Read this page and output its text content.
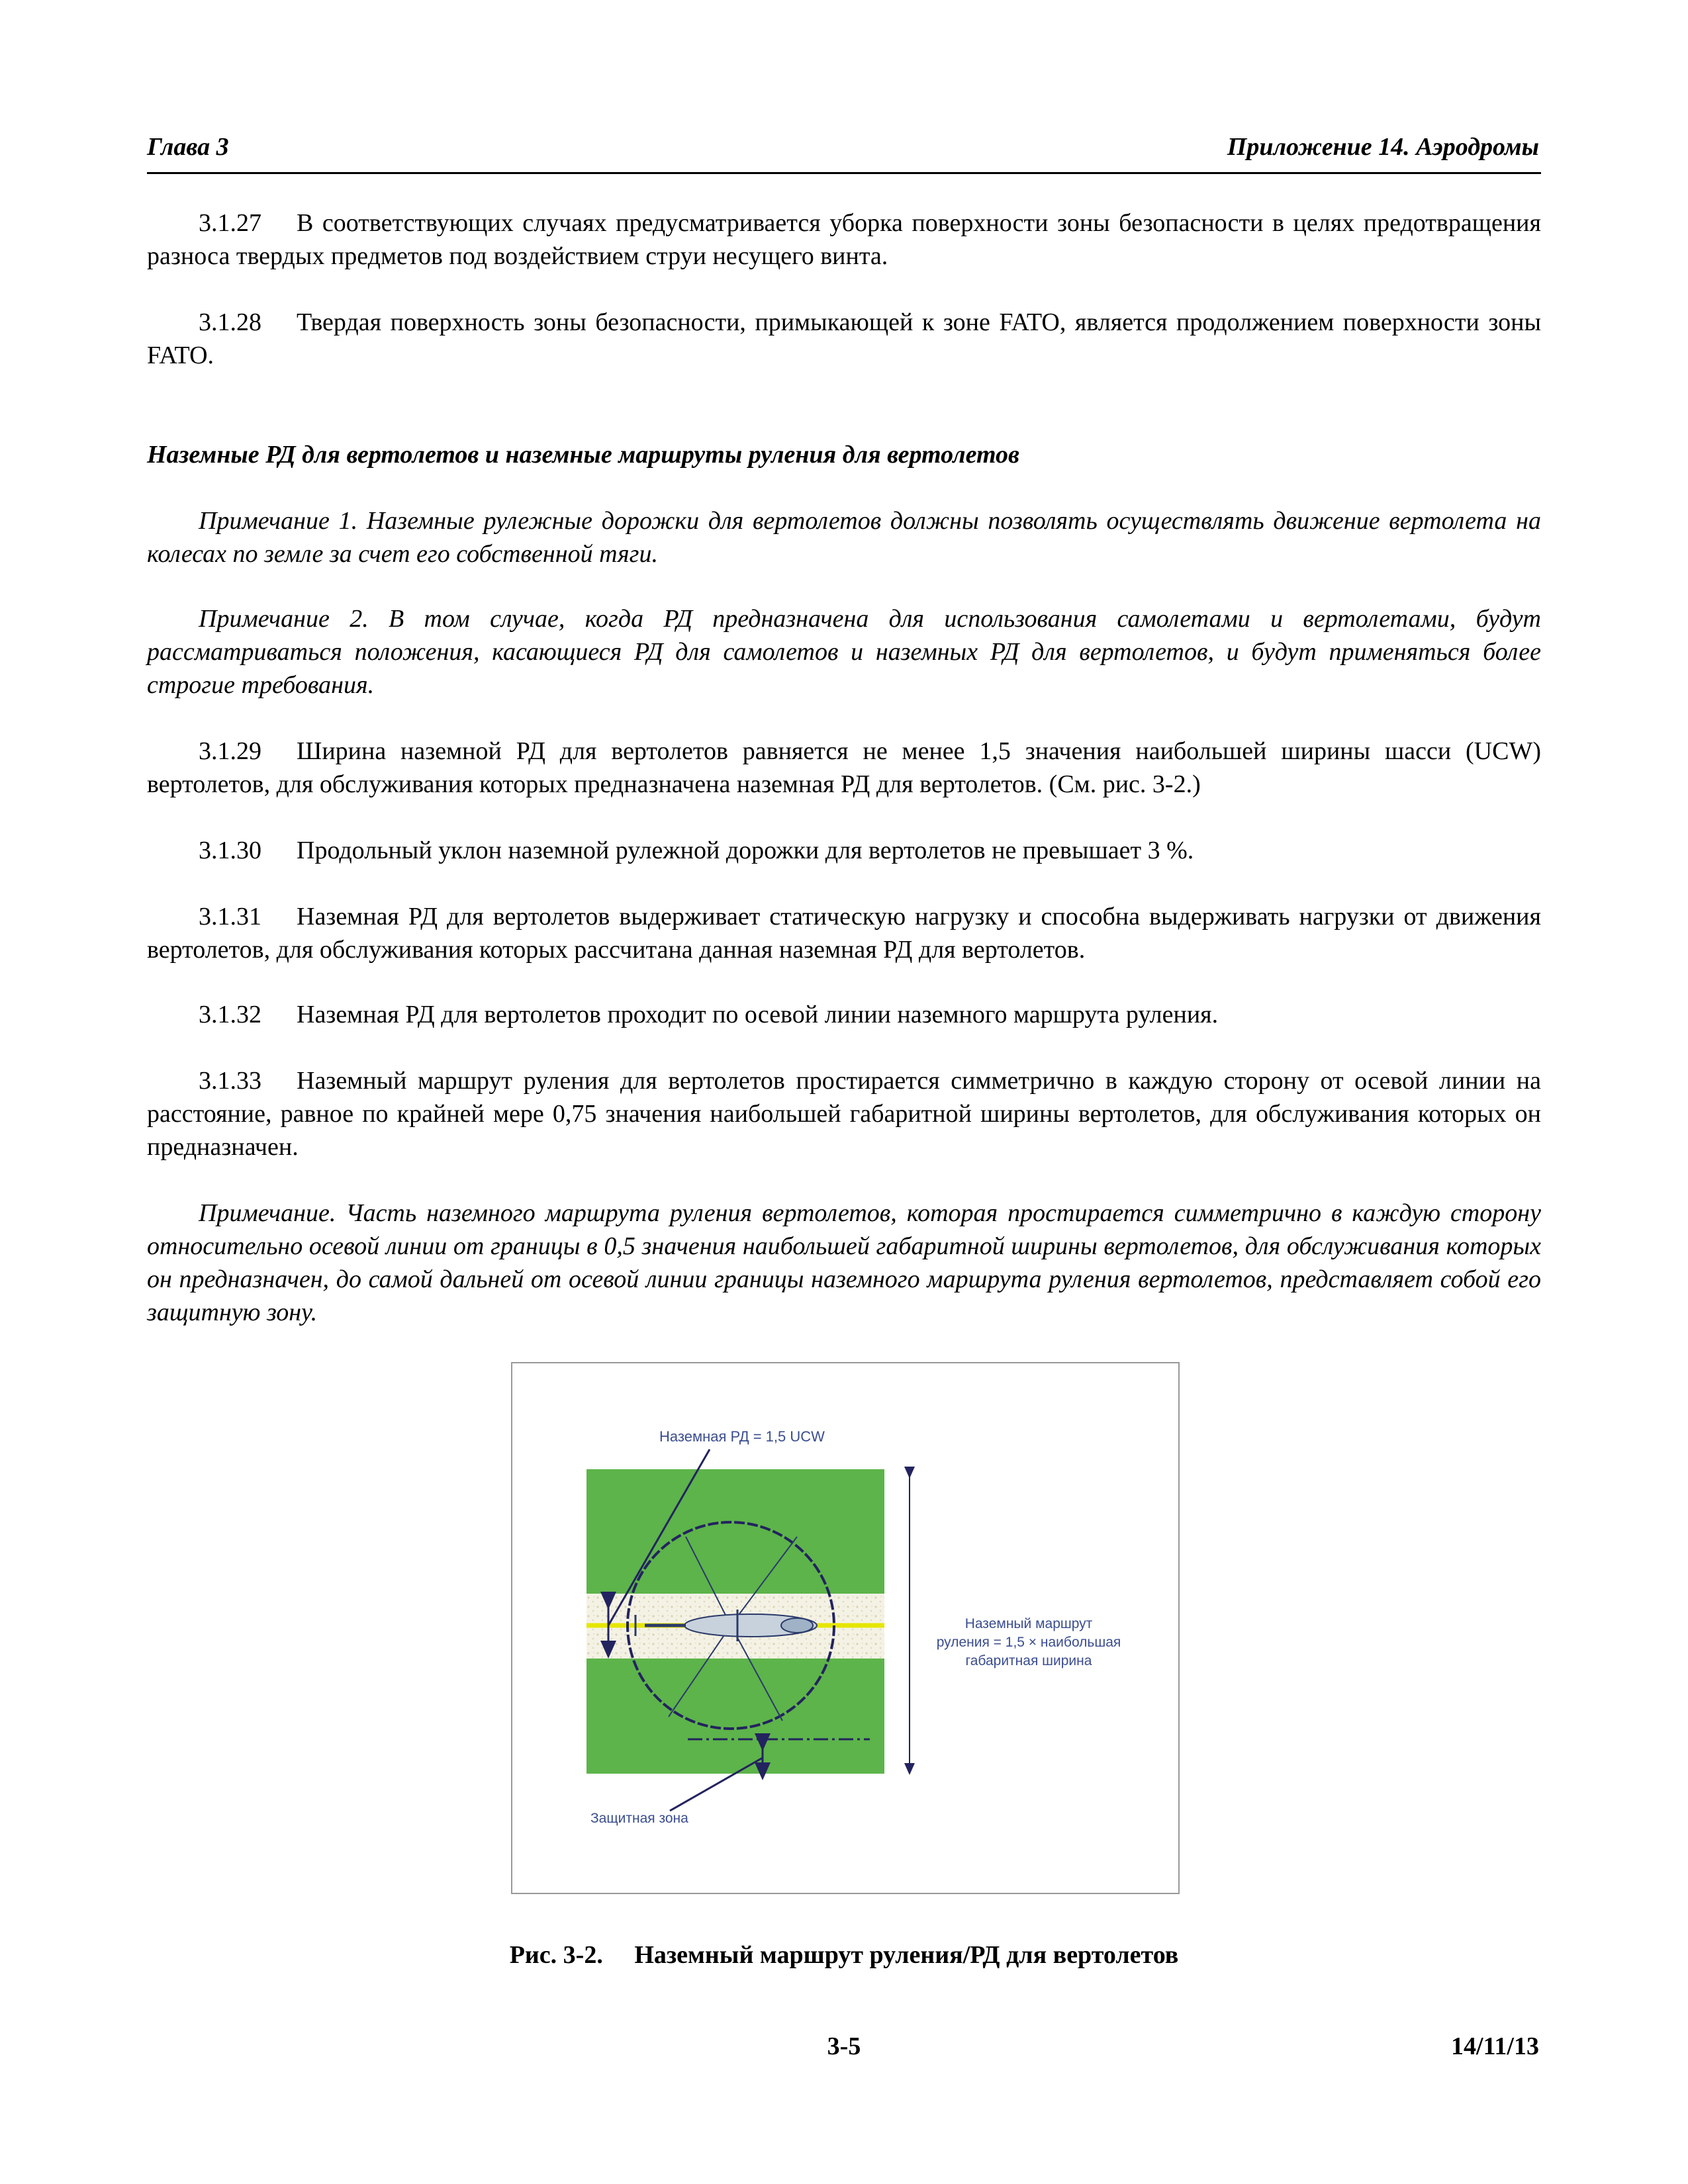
Глава 3	Приложение 14. Аэродромы
3.1.27 В соответствующих случаях предусматривается уборка поверхности зоны безопасности в целях предотвращения разноса твердых предметов под воздействием струи несущего винта.
3.1.28 Твердая поверхность зоны безопасности, примыкающей к зоне FATO, является продолжением поверхности зоны FATO.
Наземные РД для вертолетов и наземные маршруты руления для вертолетов
Примечание 1. Наземные рулежные дорожки для вертолетов должны позволять осуществлять движение вертолета на колесах по земле за счет его собственной тяги.
Примечание 2. В том случае, когда РД предназначена для использования самолетами и вертолетами, будут рассматриваться положения, касающиеся РД для самолетов и наземных РД для вертолетов, и будут применяться более строгие требования.
3.1.29 Ширина наземной РД для вертолетов равняется не менее 1,5 значения наибольшей ширины шасси (UCW) вертолетов, для обслуживания которых предназначена наземная РД для вертолетов. (См. рис. 3-2.)
3.1.30 Продольный уклон наземной рулежной дорожки для вертолетов не превышает 3 %.
3.1.31 Наземная РД для вертолетов выдерживает статическую нагрузку и способна выдерживать нагрузки от движения вертолетов, для обслуживания которых рассчитана данная наземная РД для вертолетов.
3.1.32 Наземная РД для вертолетов проходит по осевой линии наземного маршрута руления.
3.1.33 Наземный маршрут руления для вертолетов простирается симметрично в каждую сторону от осевой линии на расстояние, равное по крайней мере 0,75 значения наибольшей габаритной ширины вертолетов, для обслуживания которых он предназначен.
Примечание. Часть наземного маршрута руления вертолетов, которая простирается симметрично в каждую сторону относительно осевой линии от границы в 0,5 значения наибольшей габаритной ширины вертолетов, для обслуживания которых он предназначен, до самой дальней от осевой линии границы наземного маршрута руления вертолетов, представляет собой его защитную зону.
Наземная РД = 1,5 UCW
Наземный маршрут
руления = 1,5 × наибольшая
габаритная ширина
Защитная зона
Рис. 3-2.     Наземный маршрут руления/РД для вертолетов
3-5	14/11/13
